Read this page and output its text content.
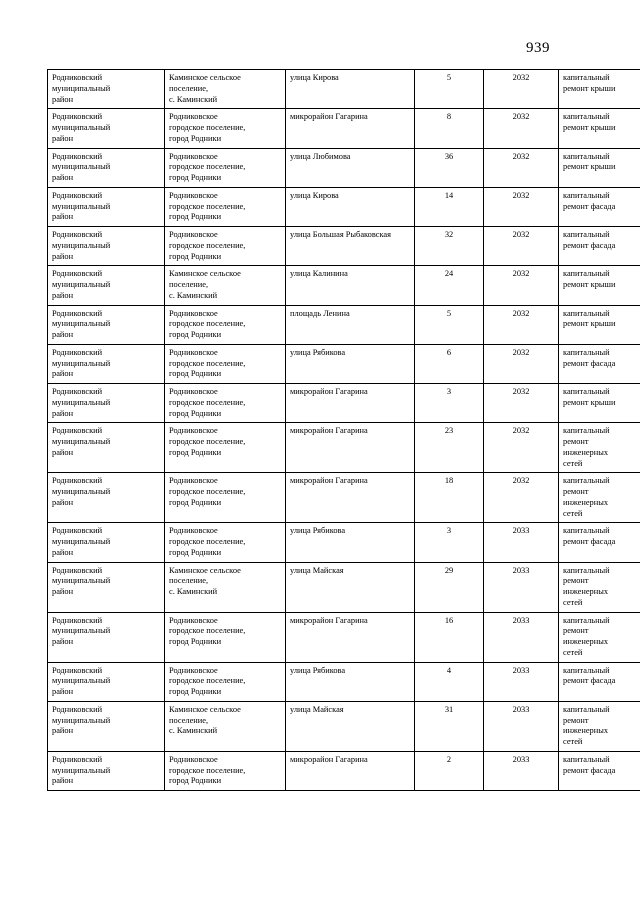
939
Родниковский
муниципальный
район	Каминское сельское
поселение,
с. Каминский	улица Кирова	5	2032	капитальный
ремонт крыши

Родниковский
муниципальный
район	Родниковское
городское поселение,
город Родники	микрорайон Гагарина	8	2032	капитальный
ремонт крыши

Родниковский
муниципальный
район	Родниковское
городское поселение,
город Родники	улица Любимова	36	2032	капитальный
ремонт крыши

Родниковский
муниципальный
район	Родниковское
городское поселение,
город Родники	улица Кирова	14	2032	капитальный
ремонт фасада

Родниковский
муниципальный
район	Родниковское
городское поселение,
город Родники	улица Большая Рыбаковская	32	2032	капитальный
ремонт фасада

Родниковский
муниципальный
район	Каминское сельское
поселение,
с. Каминский	улица Калинина	24	2032	капитальный
ремонт крыши

Родниковский
муниципальный
район	Родниковское
городское поселение,
город Родники	площадь Ленина	5	2032	капитальный
ремонт крыши

Родниковский
муниципальный
район	Родниковское
городское поселение,
город Родники	улица Рябикова	6	2032	капитальный
ремонт фасада

Родниковский
муниципальный
район	Родниковское
городское поселение,
город Родники	микрорайон Гагарина	3	2032	капитальный
ремонт крыши

Родниковский
муниципальный
район	Родниковское
городское поселение,
город Родники	микрорайон Гагарина	23	2032	капитальный
ремонт
инженерных
сетей

Родниковский
муниципальный
район	Родниковское
городское поселение,
город Родники	микрорайон Гагарина	18	2032	капитальный
ремонт
инженерных
сетей

Родниковский
муниципальный
район	Родниковское
городское поселение,
город Родники	улица Рябикова	3	2033	капитальный
ремонт фасада

Родниковский
муниципальный
район	Каминское сельское
поселение,
с. Каминский	улица Майская	29	2033	капитальный
ремонт
инженерных
сетей

Родниковский
муниципальный
район	Родниковское
городское поселение,
город Родники	микрорайон Гагарина	16	2033	капитальный
ремонт
инженерных
сетей

Родниковский
муниципальный
район	Родниковское
городское поселение,
город Родники	улица Рябикова	4	2033	капитальный
ремонт фасада

Родниковский
муниципальный
район	Каминское сельское
поселение,
с. Каминский	улица Майская	31	2033	капитальный
ремонт
инженерных
сетей

Родниковский
муниципальный
район	Родниковское
городское поселение,
город Родники	микрорайон Гагарина	2	2033	капитальный
ремонт фасада
